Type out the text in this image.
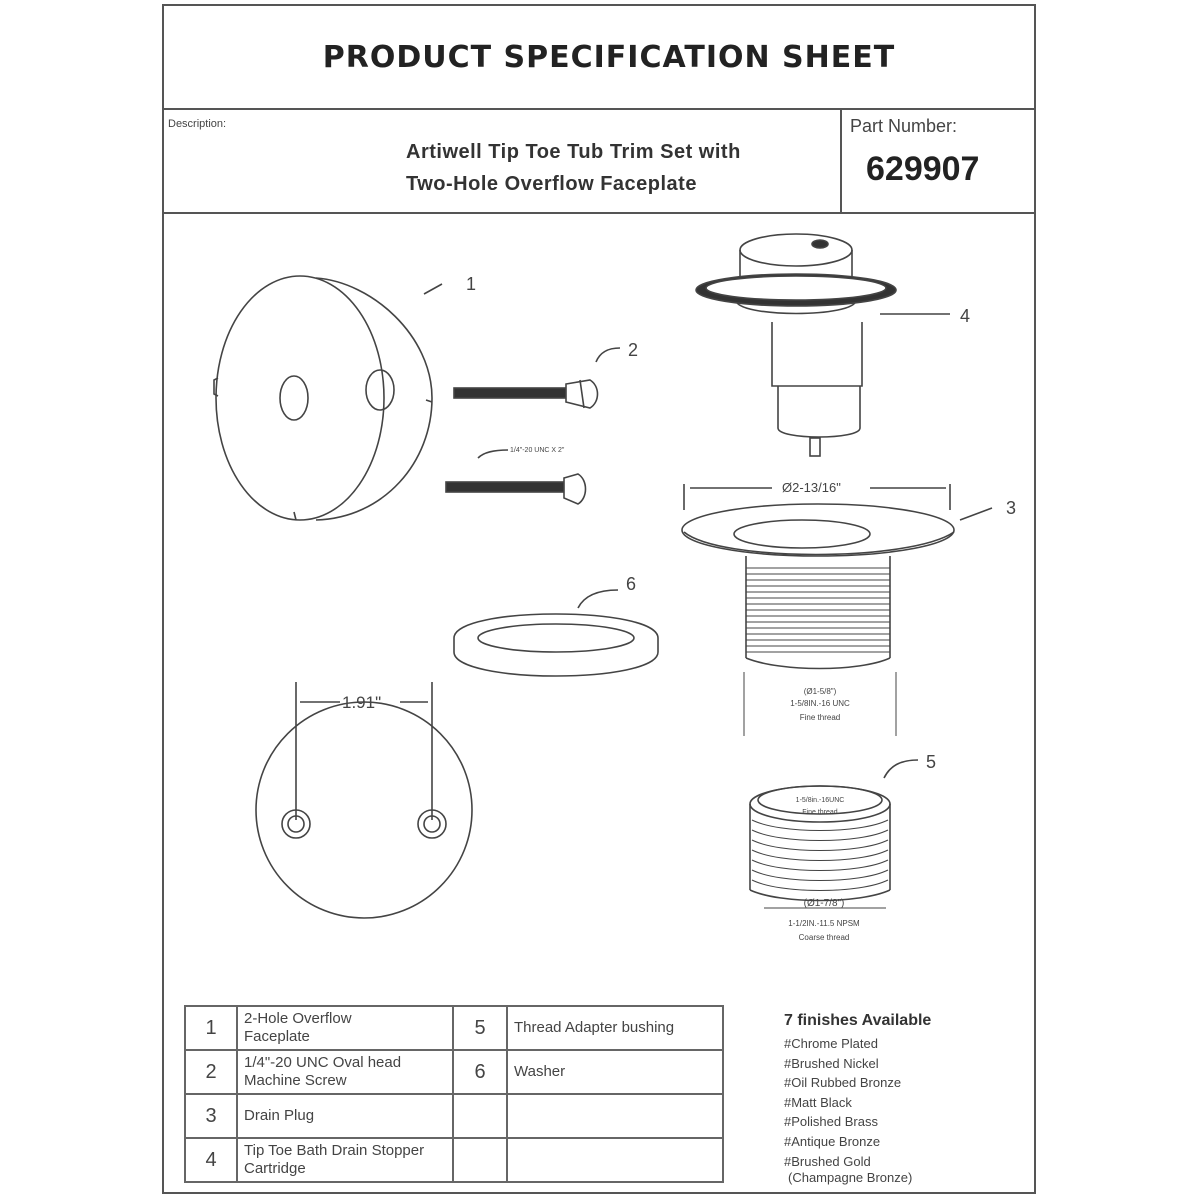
PRODUCT SPECIFICATION SHEET
Description:
Artiwell Tip Toe Tub Trim Set with
Two-Hole Overflow Faceplate
Part Number:
629907
1
2
3
4
5
6
1/4"-20 UNC X 2"
Ø2-13/16"
1.91"
(Ø1-5/8")
1-5/8IN.-16 UNC
Fine thread
1-5/8in.-16UNC
Fine thread
(Ø1-7/8")
1-1/2IN.-11.5 NPSM
Coarse thread
1	2-Hole Overflow
Faceplate	5	Thread Adapter bushing
2	1/4"-20 UNC Oval head
Machine Screw	6	Washer
3	Drain Plug		
4	Tip Toe Bath Drain Stopper
Cartridge		

7 finishes Available
#Chrome Plated
#Brushed Nickel
#Oil Rubbed Bronze
#Matt Black
#Polished Brass
#Antique Bronze
#Brushed Gold
(Champagne Bronze)
